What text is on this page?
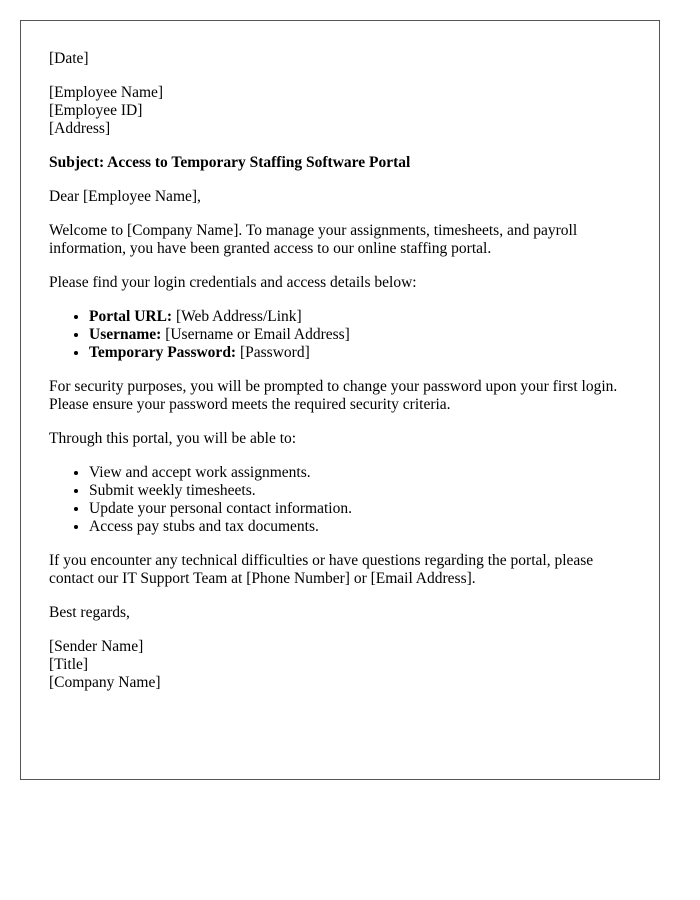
[Date]

[Employee Name]

[Employee ID]

[Address]

Subject: Access to Temporary Staffing Software Portal

Dear [Employee Name],

Welcome to [Company Name]. To manage your assignments, timesheets, and payroll information, you have been granted access to our online staffing portal.

Please find your login credentials and access details below:

• Portal URL: [Web Address/Link]
• Username: [Username or Email Address]
• Temporary Password: [Password]

For security purposes, you will be prompted to change your password upon your first login. Please ensure your password meets the required security criteria.

Through this portal, you will be able to:

• View and accept work assignments.
• Submit weekly timesheets.
• Update your personal contact information.
• Access pay stubs and tax documents.

If you encounter any technical difficulties or have questions regarding the portal, please contact our IT Support Team at [Phone Number] or [Email Address].

Best regards,

[Sender Name]

[Title]

[Company Name]
